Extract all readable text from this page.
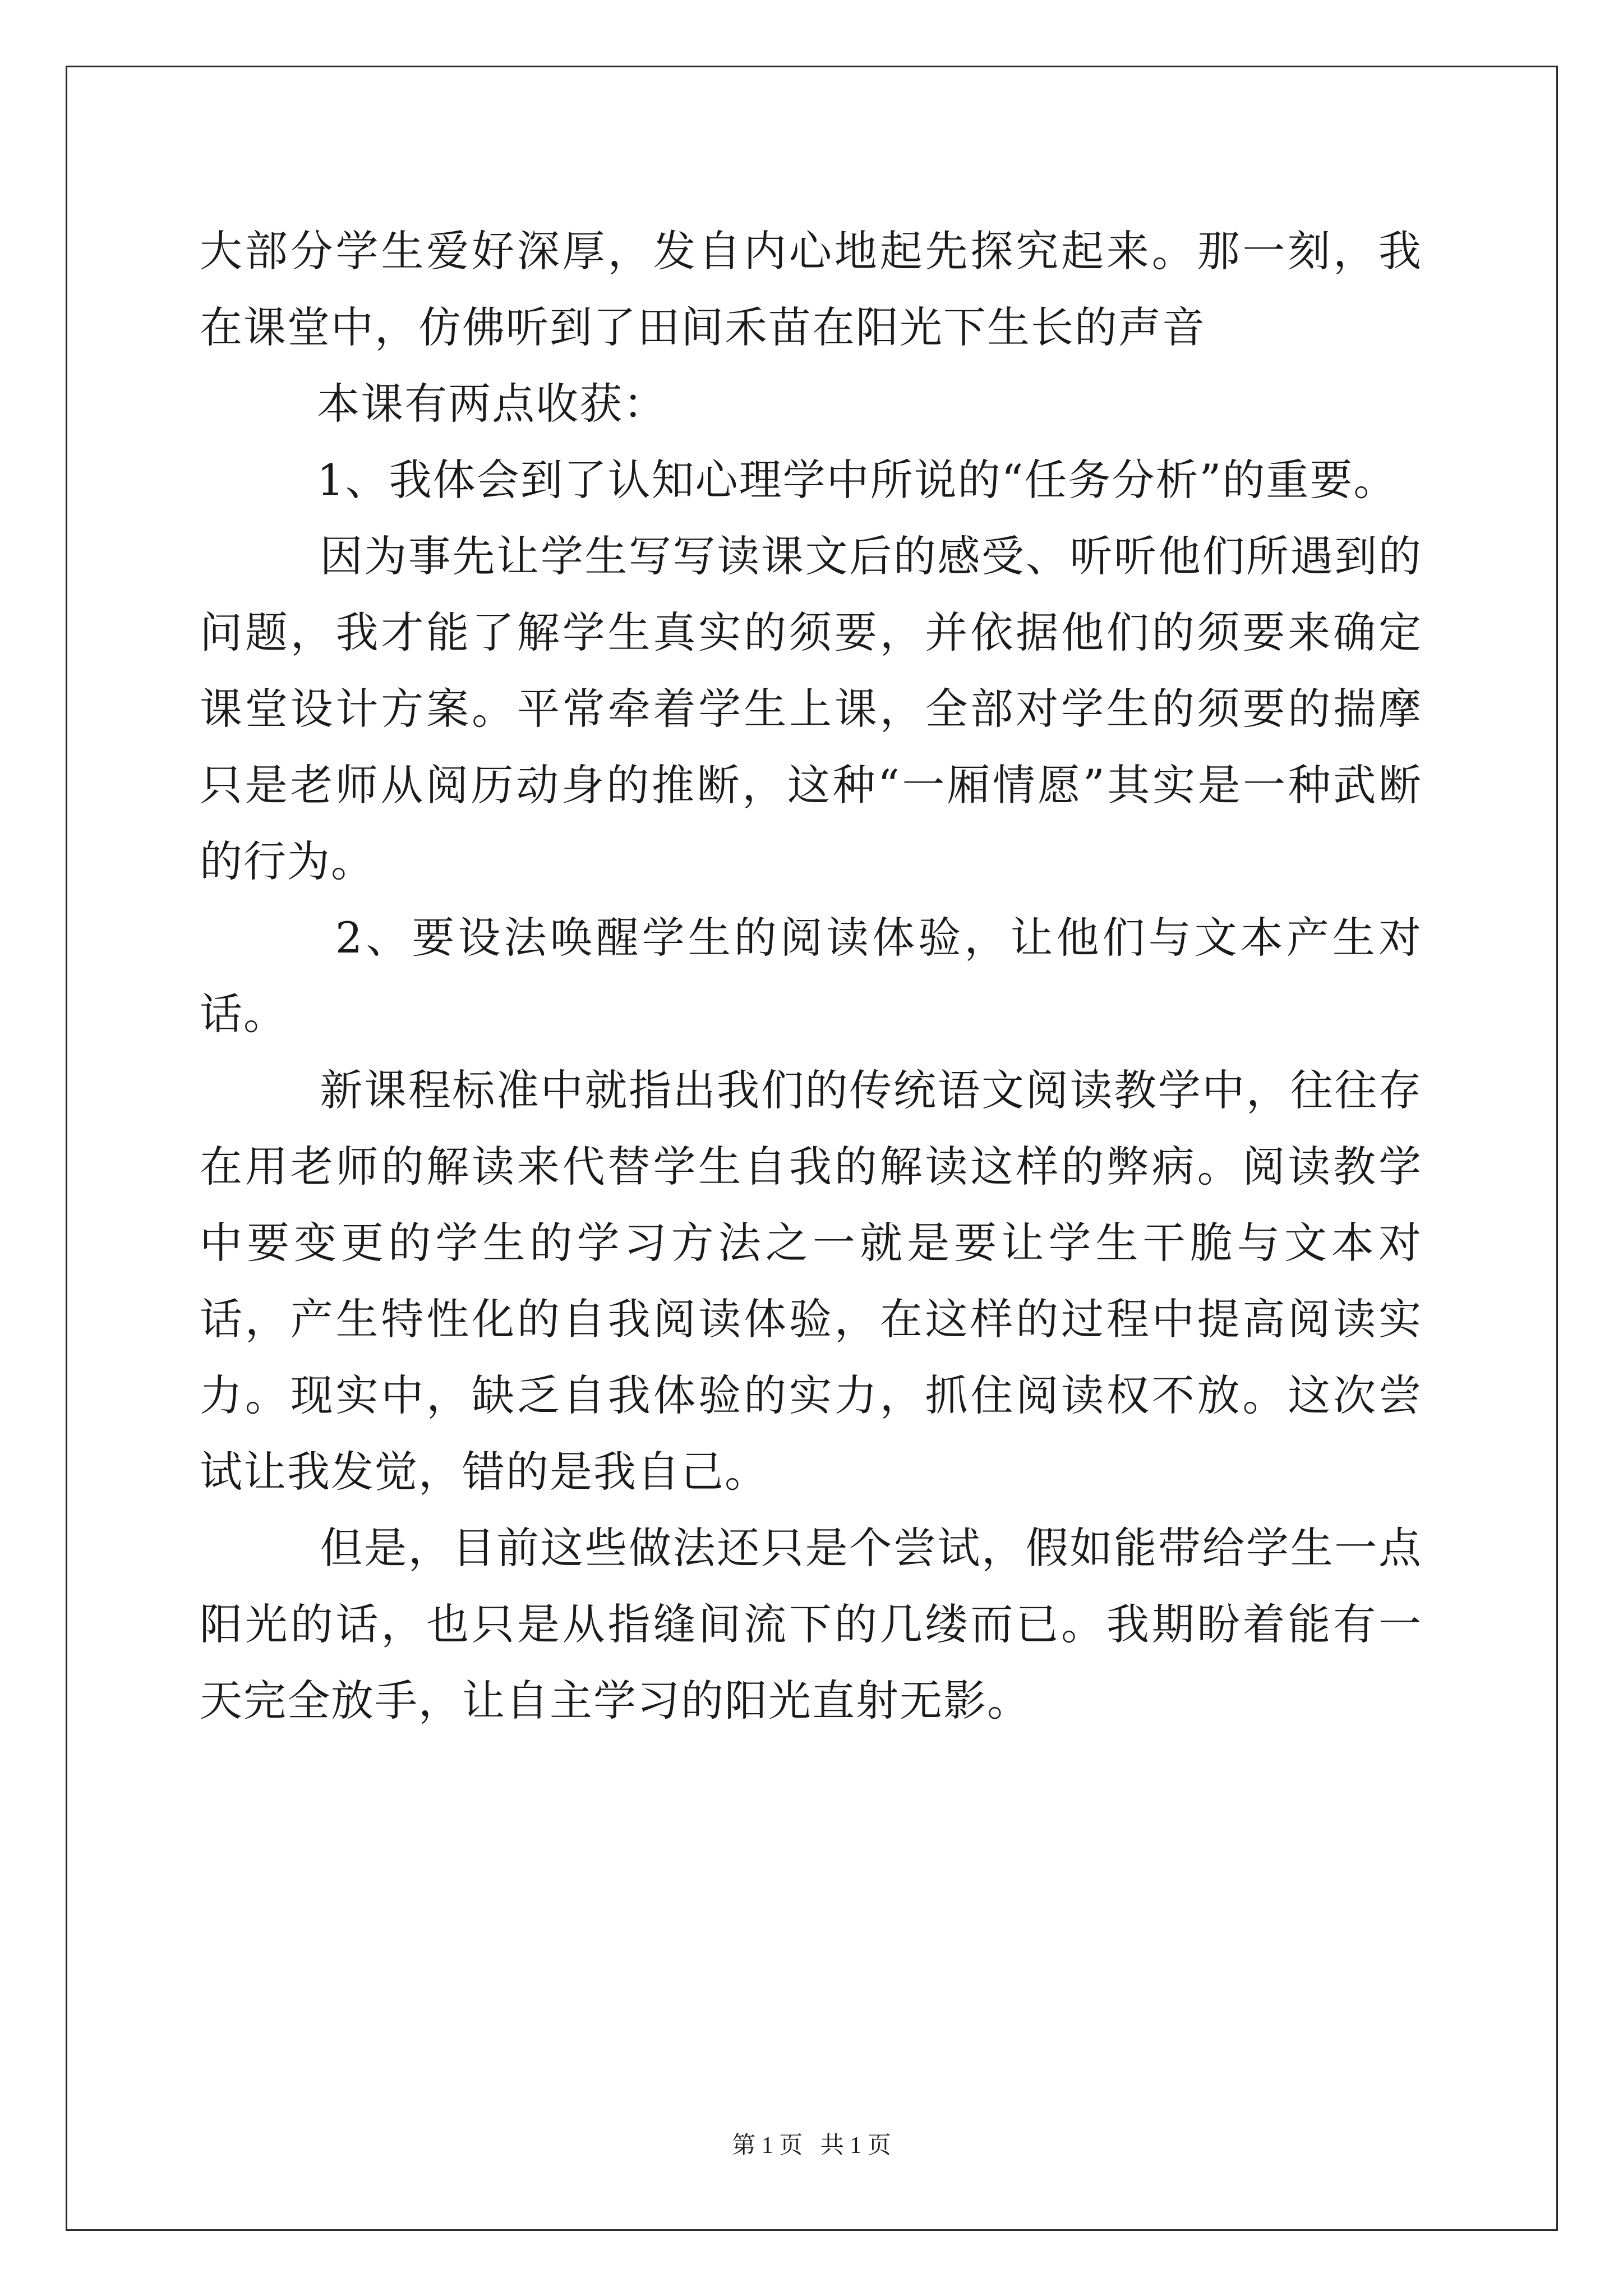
大部分学生爱好深厚，发自内心地起先探究起来。那一刻，我在课堂中，仿佛听到了田间禾苗在阳光下生长的声音

本课有两点收获：

1、我体会到了认知心理学中所说的“任务分析”的重要。

因为事先让学生写写读课文后的感受、听听他们所遇到的问题，我才能了解学生真实的须要，并依据他们的须要来确定课堂设计方案。平常牵着学生上课，全部对学生的须要的揣摩只是老师从阅历动身的推断，这种“一厢情愿”其实是一种武断的行为。

2、要设法唤醒学生的阅读体验，让他们与文本产生对话。

新课程标准中就指出我们的传统语文阅读教学中，往往存在用老师的解读来代替学生自我的解读这样的弊病。阅读教学中要变更的学生的学习方法之一就是要让学生干脆与文本对话，产生特性化的自我阅读体验，在这样的过程中提高阅读实力。现实中，缺乏自我体验的实力，抓住阅读权不放。这次尝试让我发觉，错的是我自己。

但是，目前这些做法还只是个尝试，假如能带给学生一点阳光的话，也只是从指缝间流下的几缕而已。我期盼着能有一天完全放手，让自主学习的阳光直射无影。

第 1 页 共 1 页
